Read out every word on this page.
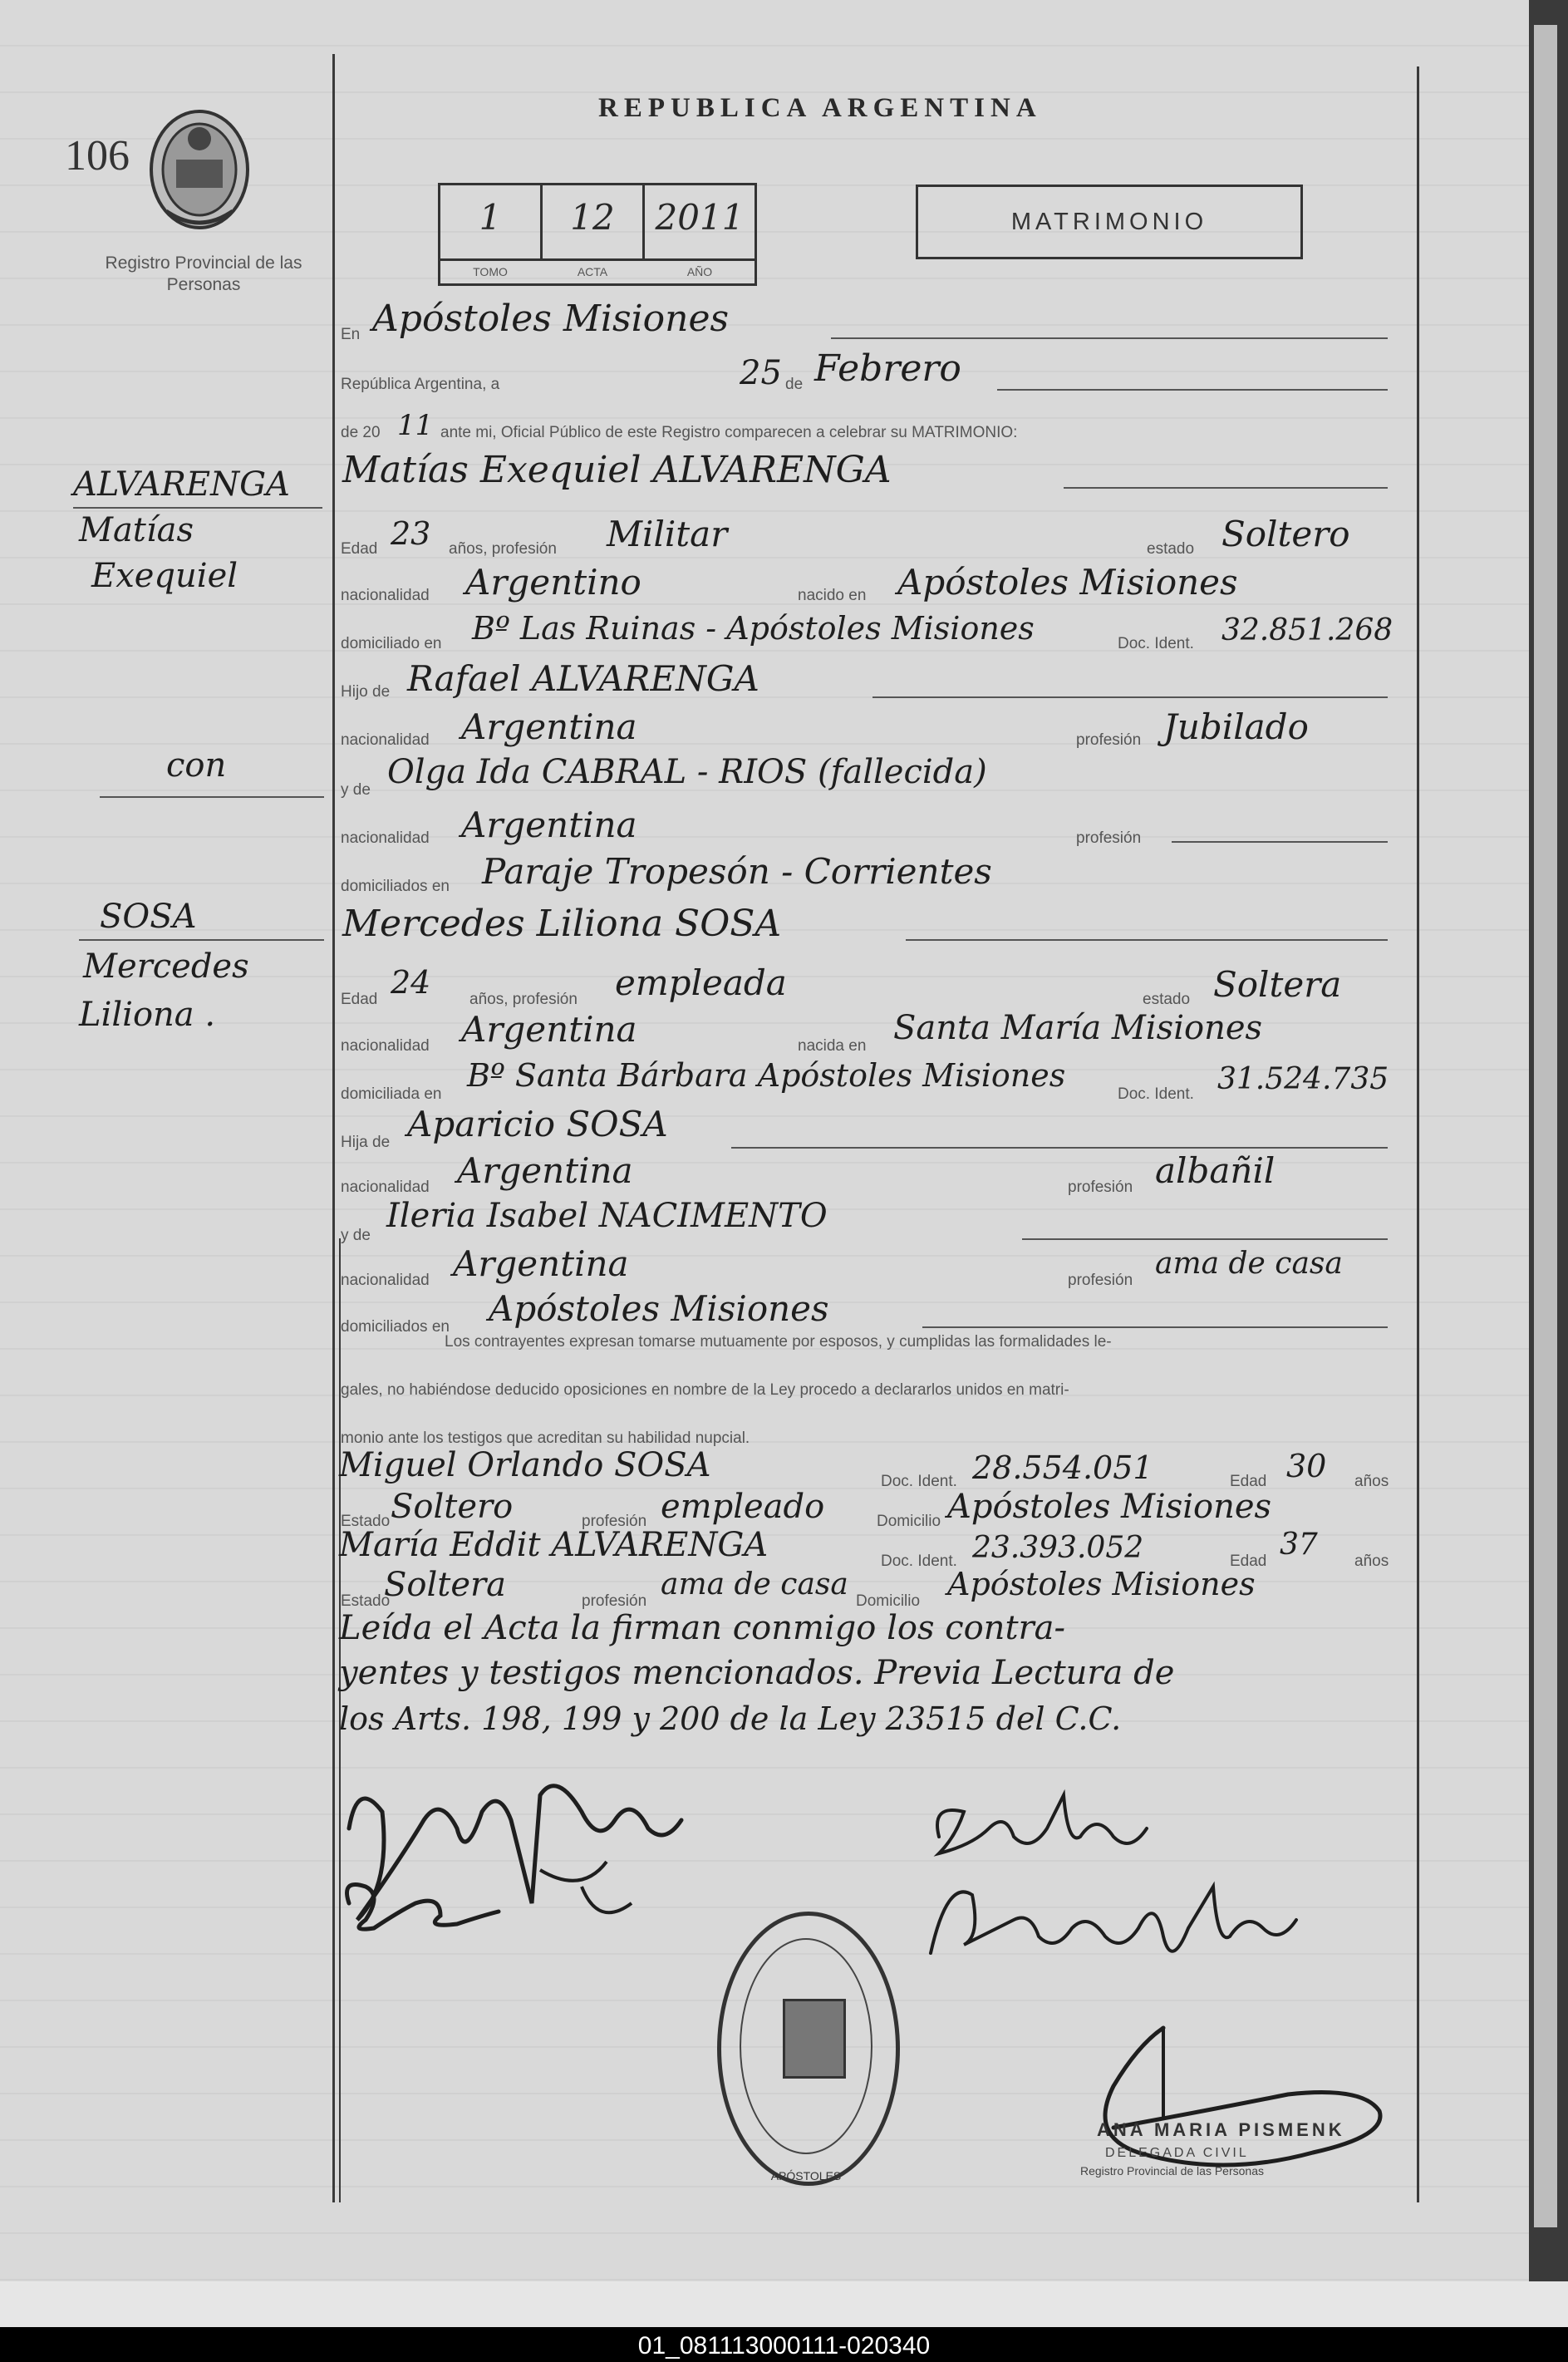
106
Registro Provincial de las Personas
REPUBLICA ARGENTINA
1	12	2011
TOMO	ACTA	AÑO
MATRIMONIO
En Apóstoles Misiones
República Argentina, a	25 de Febrero
de 20 11 ante mi, Oficial Público de este Registro comparecen a celebrar su MATRIMONIO:
ALVARENGA
Matías
Exequiel
con
SOSA
Mercedes
Liliona .
Matías Exequiel ALVARENGA
Edad 23 años, profesión Militar	estado Soltero
nacionalidad Argentino	nacido en Apóstoles Misiones
domiciliado en Bº Las Ruinas - Apóstoles Misiones	Doc. Ident. 32.851.268
Hijo de Rafael ALVARENGA
nacionalidad Argentina	profesión Jubilado
y de Olga Ida CABRAL - RIOS (fallecida)
nacionalidad Argentina	profesión
domiciliados en Paraje Tropesón - Corrientes
Mercedes Liliona SOSA
Edad 24 años, profesión empleada	estado Soltera
nacionalidad Argentina	nacida en Santa María Misiones
domiciliada en
Bº Santa Bárbara Apóstoles Misiones
Doc. Ident. 31.524.735
Hija de Aparicio SOSA
nacionalidad Argentina	profesión albañil
y de
Ileria Isabel NACIMENTO
nacionalidad Argentina	profesión ama de casa
domiciliados en Apóstoles Misiones
Los contrayentes expresan tomarse mutuamente por esposos, y cumplidas las formalidades le-
gales, no habiéndose deducido oposiciones en nombre de la Ley procedo a declararlos unidos en matri-
monio ante los testigos que acreditan su habilidad nupcial.
Miguel Orlando SOSA	Doc. Ident. 28.554.051	Edad 30 años
Estado Soltero	profesión empleado	Domicilio Apóstoles Misiones
María Eddit ALVARENGA	Doc. Ident. 23.393.052	Edad 37 años
Estado
Soltera	profesión ama de casa Domicilio Apóstoles Misiones
Leída el Acta la firman conmigo los contra-
yentes y testigos mencionados. Previa Lectura de
los Arts. 198, 199 y 200 de la Ley 23515 del C.C.
APÓSTOLES
ANA MARIA PISMENK
DELEGADA CIVIL
Registro Provincial de las Personas
01_081113000111-020340
